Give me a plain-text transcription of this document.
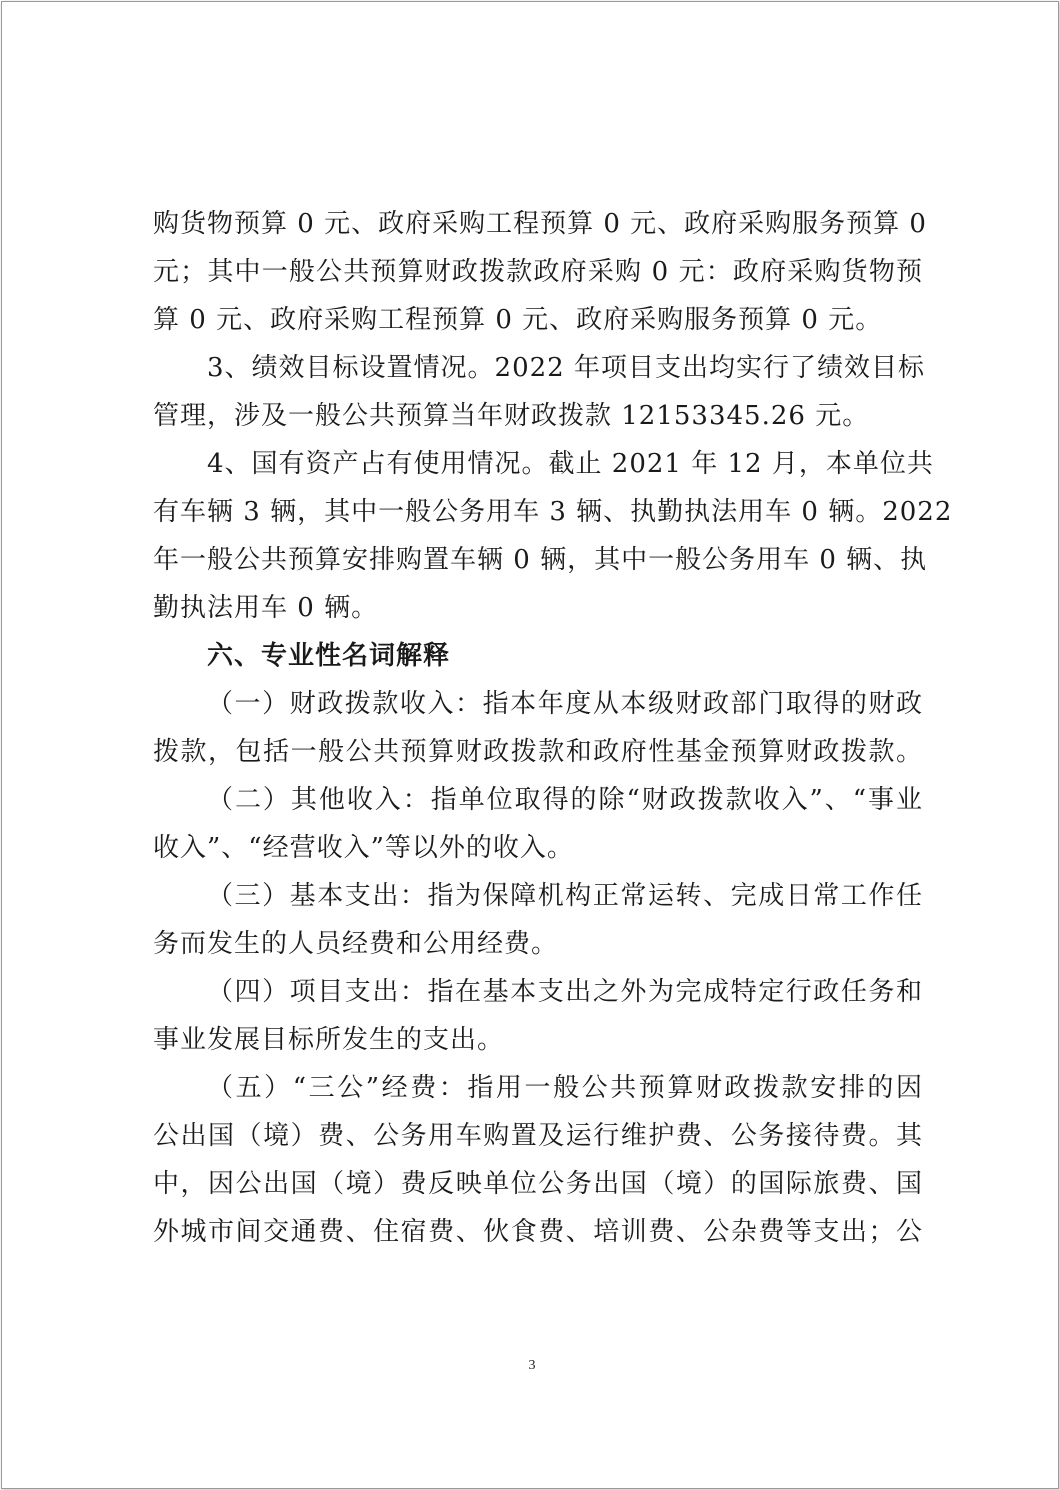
购货物预算 0 元、政府采购工程预算 0 元、政府采购服务预算 0
元；其中一般公共预算财政拨款政府采购 0 元：政府采购货物预
算 0 元、政府采购工程预算 0 元、政府采购服务预算 0 元。
3、绩效目标设置情况。2022 年项目支出均实行了绩效目标
管理，涉及一般公共预算当年财政拨款 12153345.26 元。
4、国有资产占有使用情况。截止 2021 年 12 月，本单位共
有车辆 3 辆，其中一般公务用车 3 辆、执勤执法用车 0 辆。2022
年一般公共预算安排购置车辆 0 辆，其中一般公务用车 0 辆、执
勤执法用车 0 辆。
六、专业性名词解释
（一）财政拨款收入：指本年度从本级财政部门取得的财政
拨款，包括一般公共预算财政拨款和政府性基金预算财政拨款。
（二）其他收入：指单位取得的除“财政拨款收入”、“事业
收入”、“经营收入”等以外的收入。
（三）基本支出：指为保障机构正常运转、完成日常工作任
务而发生的人员经费和公用经费。
（四）项目支出：指在基本支出之外为完成特定行政任务和
事业发展目标所发生的支出。
（五）“三公”经费：指用一般公共预算财政拨款安排的因
公出国（境）费、公务用车购置及运行维护费、公务接待费。其
中，因公出国（境）费反映单位公务出国（境）的国际旅费、国
外城市间交通费、住宿费、伙食费、培训费、公杂费等支出；公
3
